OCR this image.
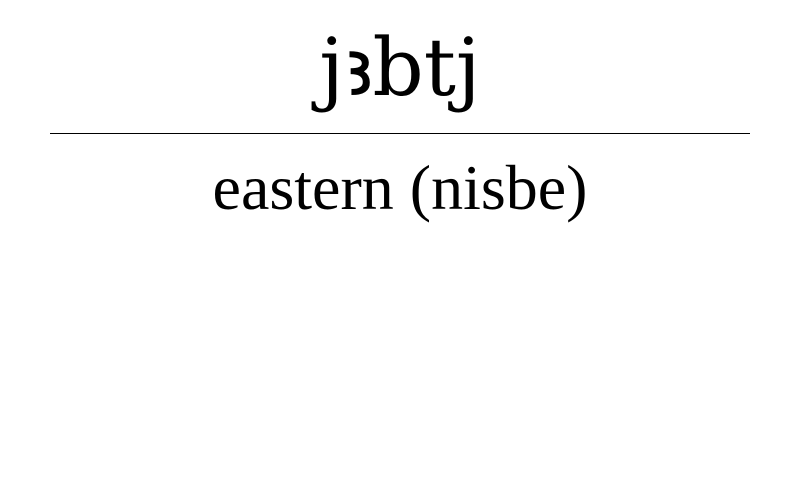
jꜣbtj
eastern (nisbe)
